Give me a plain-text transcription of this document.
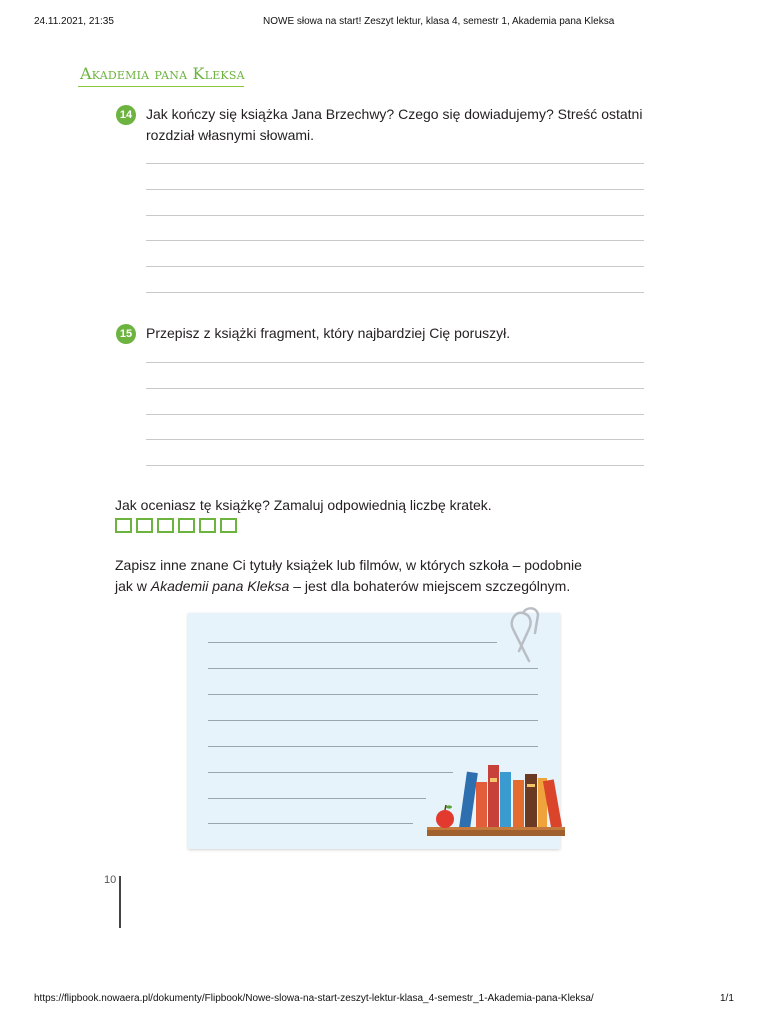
24.11.2021, 21:35	NOWE słowa na start! Zeszyt lektur, klasa 4, semestr 1, Akademia pana Kleksa
Akademia pana Kleksa
14 Jak kończy się książka Jana Brzechwy? Czego się dowiadujemy? Streść ostatni
rozdział własnymi słowami.
15 Przepisz z książki fragment, który najbardziej Cię poruszył.
Jak oceniasz tę książkę? Zamaluj odpowiednią liczbę kratek.
Zapisz inne znane Ci tytuły książek lub filmów, w których szkoła – podobnie
jak w Akademii pana Kleksa – jest dla bohaterów miejscem szczególnym.
10
https://flipbook.nowaera.pl/dokumenty/Flipbook/Nowe-slowa-na-start-zeszyt-lektur-klasa_4-semestr_1-Akademia-pana-Kleksa/	1/1
